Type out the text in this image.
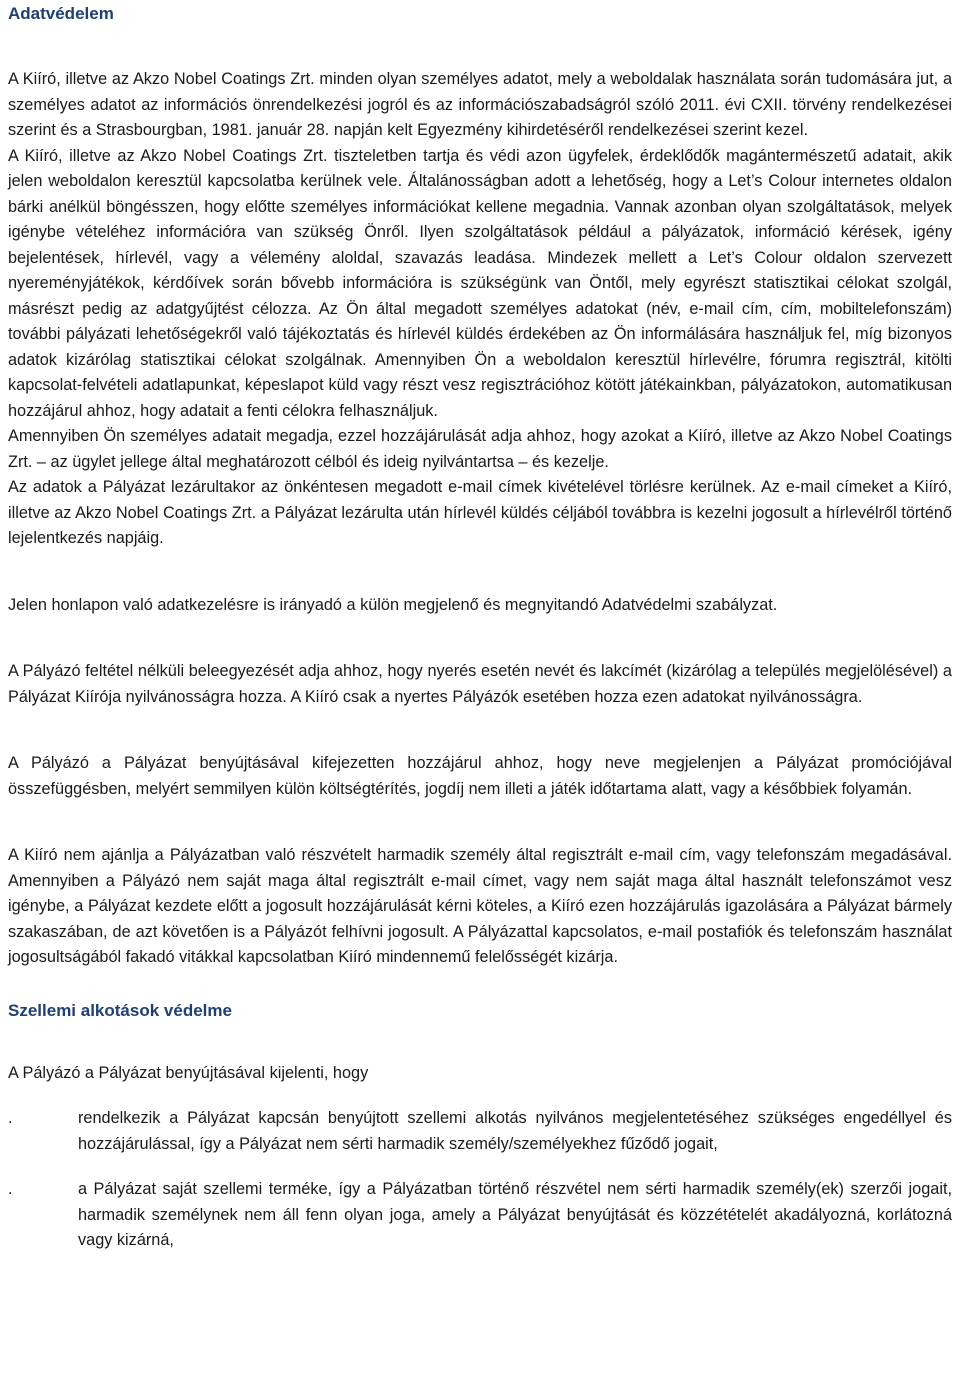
Adatvédelem

A Kiíró, illetve az Akzo Nobel Coatings Zrt. minden olyan személyes adatot, mely a weboldalak használata során tudomására jut, a személyes adatot az információs önrendelkezési jogról és az információszabadságról szóló 2011. évi CXII. törvény rendelkezései szerint és a Strasbourgban, 1981. január 28. napján kelt Egyezmény kihirdetéséről rendelkezései szerint kezel.

A Kiíró, illetve az Akzo Nobel Coatings Zrt. tiszteletben tartja és védi azon ügyfelek, érdeklődők magántermészetű adatait, akik jelen weboldalon keresztül kapcsolatba kerülnek vele. Általánosságban adott a lehetőség, hogy a Let’s Colour internetes oldalon bárki anélkül böngésszen, hogy előtte személyes információkat kellene megadnia. Vannak azonban olyan szolgáltatások, melyek igénybe vételéhez információra van szükség Önről. Ilyen szolgáltatások például a pályázatok, információ kérések, igény bejelentések, hírlevél, vagy a vélemény aloldal, szavazás leadása. Mindezek mellett a Let’s Colour oldalon szervezett nyereményjátékok, kérdőívek során bővebb információra is szükségünk van Öntől, mely egyrészt statisztikai célokat szolgál, másrészt pedig az adatgyűjtést célozza. Az Ön által megadott személyes adatokat (név, e-mail cím, cím, mobiltelefonszám) további pályázati lehetőségekről való tájékoztatás és hírlevél küldés érdekében az Ön informálására használjuk fel, míg bizonyos adatok kizárólag statisztikai célokat szolgálnak. Amennyiben Ön a weboldalon keresztül hírlevélre, fórumra regisztrál, kitölti kapcsolat-felvételi adatlapunkat, képeslapot küld vagy részt vesz regisztrációhoz kötött játékainkban, pályázatokon, automatikusan hozzájárul ahhoz, hogy adatait a fenti célokra felhasználjuk.

Amennyiben Ön személyes adatait megadja, ezzel hozzájárulását adja ahhoz, hogy azokat a Kiíró, illetve az Akzo Nobel Coatings Zrt. – az ügylet jellege által meghatározott célból és ideig nyilvántartsa – és kezelje.

Az adatok a Pályázat lezárultakor az önkéntesen megadott e-mail címek kivételével törlésre kerülnek. Az e-mail címeket a Kiíró, illetve az Akzo Nobel Coatings Zrt. a Pályázat lezárulta után hírlevél küldés céljából továbbra is kezelni jogosult a hírlevélről történő lejelentkezés napjáig.

Jelen honlapon való adatkezelésre is irányadó a külön megjelenő és megnyitandó Adatvédelmi szabályzat.

A Pályázó feltétel nélküli beleegyezését adja ahhoz, hogy nyerés esetén nevét és lakcímét (kizárólag a település megjelölésével) a Pályázat Kiírója nyilvánosságra hozza. A Kiíró csak a nyertes Pályázók esetében hozza ezen adatokat nyilvánosságra.

A Pályázó a Pályázat benyújtásával kifejezetten hozzájárul ahhoz, hogy neve megjelenjen a Pályázat promóciójával összefüggésben, melyért semmilyen külön költségtérítés, jogdíj nem illeti a játék időtartama alatt, vagy a későbbiek folyamán.

A Kiíró nem ajánlja a Pályázatban való részvételt harmadik személy által regisztrált e-mail cím, vagy telefonszám megadásával. Amennyiben a Pályázó nem saját maga által regisztrált e-mail címet, vagy nem saját maga által használt telefonszámot vesz igénybe, a Pályázat kezdete előtt a jogosult hozzájárulását kérni köteles, a Kiíró ezen hozzájárulás igazolására a Pályázat bármely szakaszában, de azt követően is a Pályázót felhívni jogosult. A Pályázattal kapcsolatos, e-mail postafiók és telefonszám használat jogosultságából fakadó vitákkal kapcsolatban Kiíró mindennemű felelősségét kizárja.

Szellemi alkotások védelme

A Pályázó a Pályázat benyújtásával kijelenti, hogy

.	rendelkezik a Pályázat kapcsán benyújtott szellemi alkotás nyilvános megjelentetéséhez szükséges engedéllyel és hozzájárulással, így a Pályázat nem sérti harmadik személy/személyekhez fűződő jogait,
.	a Pályázat saját szellemi terméke, így a Pályázatban történő részvétel nem sérti harmadik személy(ek) szerzői jogait, harmadik személynek nem áll fenn olyan joga, amely a Pályázat benyújtását és közzétételét akadályozná, korlátozná vagy kizárná,
